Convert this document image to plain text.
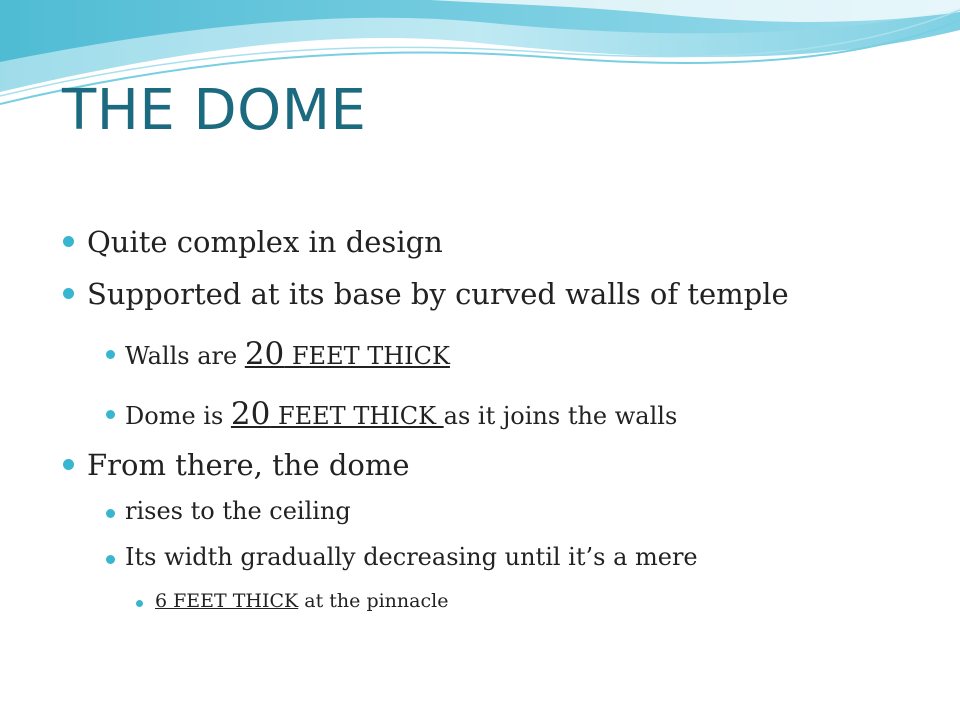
THE DOME
Quite complex in design
Supported at its base by curved walls of temple
Walls are 20 FEET THICK
Dome is 20 FEET THICK as it joins the walls
From there, the dome
rises to the ceiling
Its width gradually decreasing until it’s a mere
6 FEET THICK at the pinnacle
